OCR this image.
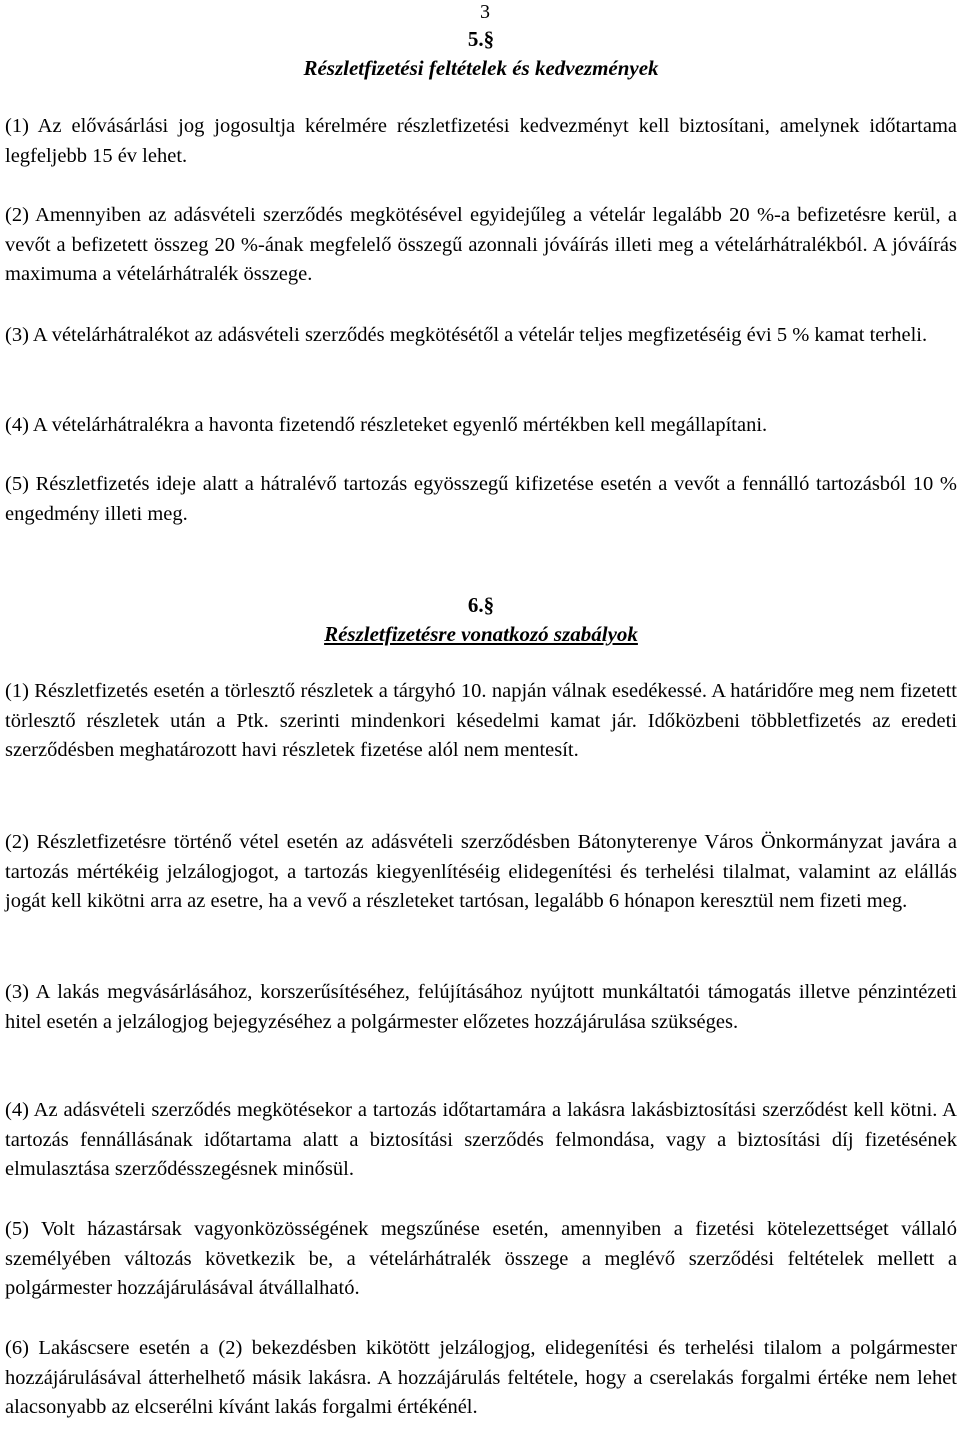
3
5.§
Részletfizetési feltételek és kedvezmények

(1) Az elővásárlási jog jogosultja kérelmére részletfizetési kedvezményt kell biztosítani, amelynek időtartama legfeljebb 15 év lehet.

(2) Amennyiben az adásvételi szerződés megkötésével egyidejűleg a vételár legalább 20 %-a befizetésre kerül, a vevőt a befizetett összeg 20 %-ának megfelelő összegű azonnali jóváírás illeti meg a vételárhátralékból. A jóváírás maximuma a vételárhátralék összege.

(3) A vételárhátralékot az adásvételi szerződés megkötésétől a vételár teljes megfizetéséig évi 5 % kamat terheli.

(4) A vételárhátralékra a havonta fizetendő részleteket egyenlő mértékben kell megállapítani.

(5) Részletfizetés ideje alatt a hátralévő tartozás egyösszegű kifizetése esetén a vevőt a fennálló tartozásból 10 % engedmény illeti meg.

6.§
Részletfizetésre vonatkozó szabályok

(1) Részletfizetés esetén a törlesztő részletek a tárgyhó 10. napján válnak esedékessé. A határidőre meg nem fizetett törlesztő részletek után a Ptk. szerinti mindenkori késedelmi kamat jár. Időközbeni többletfizetés az eredeti szerződésben meghatározott havi részletek fizetése alól nem mentesít.

(2) Részletfizetésre történő vétel esetén az adásvételi szerződésben Bátonyterenye Város Önkormányzat javára a tartozás mértékéig jelzálogjogot, a tartozás kiegyenlítéséig elidegenítési és terhelési tilalmat, valamint az elállás jogát kell kikötni arra az esetre, ha a vevő a részleteket tartósan, legalább 6 hónapon keresztül nem fizeti meg.

(3) A lakás megvásárlásához, korszerűsítéséhez, felújításához nyújtott munkáltatói támogatás illetve pénzintézeti hitel esetén a jelzálogjog bejegyzéséhez a polgármester előzetes hozzájárulása szükséges.

(4) Az adásvételi szerződés megkötésekor a tartozás időtartamára a lakásra lakásbiztosítási szerződést kell kötni. A tartozás fennállásának időtartama alatt a biztosítási szerződés felmondása, vagy a biztosítási díj fizetésének elmulasztása szerződésszegésnek minősül.

(5) Volt házastársak vagyonközösségének megszűnése esetén, amennyiben a fizetési kötelezettséget vállaló személyében változás következik be, a vételárhátralék összege a meglévő szerződési feltételek mellett a polgármester hozzájárulásával átvállalható.

(6) Lakáscsere esetén a (2) bekezdésben kikötött jelzálogjog, elidegenítési és terhelési tilalom a polgármester hozzájárulásával átterhelhető másik lakásra. A hozzájárulás feltétele, hogy a cserelakás forgalmi értéke nem lehet alacsonyabb az elcserélni kívánt lakás forgalmi értékénél.
